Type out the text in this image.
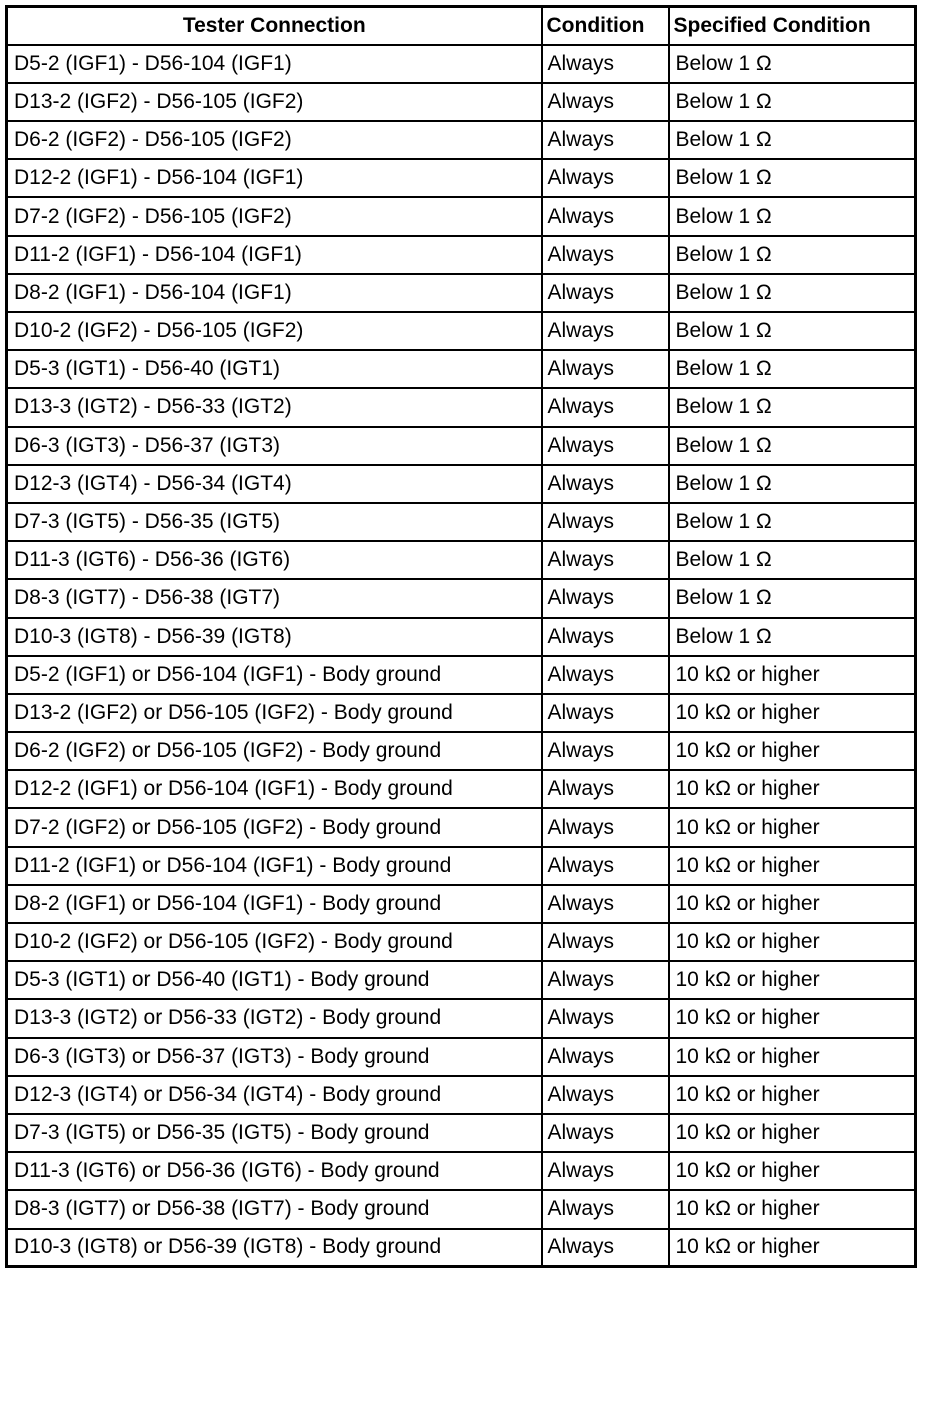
Tester Connection	Condition	Specified Condition
D5-2 (IGF1) - D56-104 (IGF1)	Always	Below 1 Ω
D13-2 (IGF2) - D56-105 (IGF2)	Always	Below 1 Ω
D6-2 (IGF2) - D56-105 (IGF2)	Always	Below 1 Ω
D12-2 (IGF1) - D56-104 (IGF1)	Always	Below 1 Ω
D7-2 (IGF2) - D56-105 (IGF2)	Always	Below 1 Ω
D11-2 (IGF1) - D56-104 (IGF1)	Always	Below 1 Ω
D8-2 (IGF1) - D56-104 (IGF1)	Always	Below 1 Ω
D10-2 (IGF2) - D56-105 (IGF2)	Always	Below 1 Ω
D5-3 (IGT1) - D56-40 (IGT1)	Always	Below 1 Ω
D13-3 (IGT2) - D56-33 (IGT2)	Always	Below 1 Ω
D6-3 (IGT3) - D56-37 (IGT3)	Always	Below 1 Ω
D12-3 (IGT4) - D56-34 (IGT4)	Always	Below 1 Ω
D7-3 (IGT5) - D56-35 (IGT5)	Always	Below 1 Ω
D11-3 (IGT6) - D56-36 (IGT6)	Always	Below 1 Ω
D8-3 (IGT7) - D56-38 (IGT7)	Always	Below 1 Ω
D10-3 (IGT8) - D56-39 (IGT8)	Always	Below 1 Ω
D5-2 (IGF1) or D56-104 (IGF1) - Body ground	Always	10 kΩ or higher
D13-2 (IGF2) or D56-105 (IGF2) - Body ground	Always	10 kΩ or higher
D6-2 (IGF2) or D56-105 (IGF2) - Body ground	Always	10 kΩ or higher
D12-2 (IGF1) or D56-104 (IGF1) - Body ground	Always	10 kΩ or higher
D7-2 (IGF2) or D56-105 (IGF2) - Body ground	Always	10 kΩ or higher
D11-2 (IGF1) or D56-104 (IGF1) - Body ground	Always	10 kΩ or higher
D8-2 (IGF1) or D56-104 (IGF1) - Body ground	Always	10 kΩ or higher
D10-2 (IGF2) or D56-105 (IGF2) - Body ground	Always	10 kΩ or higher
D5-3 (IGT1) or D56-40 (IGT1) - Body ground	Always	10 kΩ or higher
D13-3 (IGT2) or D56-33 (IGT2) - Body ground	Always	10 kΩ or higher
D6-3 (IGT3) or D56-37 (IGT3) - Body ground	Always	10 kΩ or higher
D12-3 (IGT4) or D56-34 (IGT4) - Body ground	Always	10 kΩ or higher
D7-3 (IGT5) or D56-35 (IGT5) - Body ground	Always	10 kΩ or higher
D11-3 (IGT6) or D56-36 (IGT6) - Body ground	Always	10 kΩ or higher
D8-3 (IGT7) or D56-38 (IGT7) - Body ground	Always	10 kΩ or higher
D10-3 (IGT8) or D56-39 (IGT8) - Body ground	Always	10 kΩ or higher
